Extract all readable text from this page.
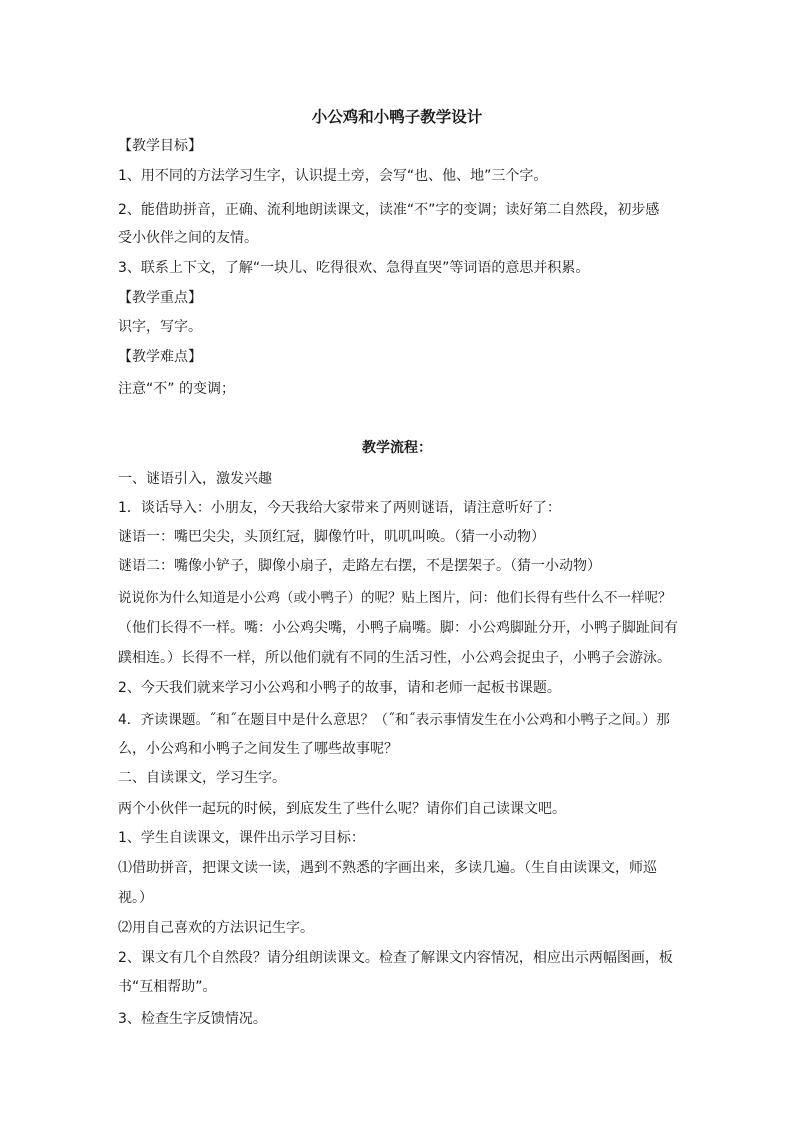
小公鸡和小鸭子教学设计
【教学目标】
1、用不同的方法学习生字，认识提土旁，会写“也、他、地”三个字。
2、能借助拼音，正确、流利地朗读课文，读准“不”字的变调；读好第二自然段，初步感
受小伙伴之间的友情。
3、联系上下文，了解“一块儿、吃得很欢、急得直哭”等词语的意思并积累。
【教学重点】
识字，写字。
【教学难点】
注意“不” 的变调；
教学流程：
一、谜语引入，激发兴趣
1．谈话导入：小朋友，今天我给大家带来了两则谜语，请注意听好了：
谜语一：嘴巴尖尖，头顶红冠，脚像竹叶，叽叽叫唤。（猜一小动物）
谜语二：嘴像小铲子，脚像小扇子，走路左右摆，不是摆架子。（猜一小动物）
说说你为什么知道是小公鸡（或小鸭子）的呢？贴上图片，问：他们长得有些什么不一样呢？
（他们长得不一样。嘴：小公鸡尖嘴，小鸭子扁嘴。脚：小公鸡脚趾分开，小鸭子脚趾间有
蹼相连。）长得不一样，所以他们就有不同的生活习性，小公鸡会捉虫子，小鸭子会游泳。
2、今天我们就来学习小公鸡和小鸭子的故事，请和老师一起板书课题。
4．齐读课题。˝和˝在题目中是什么意思？（˝和˝表示事情发生在小公鸡和小鸭子之间。）那
么，小公鸡和小鸭子之间发生了哪些故事呢？
二、自读课文，学习生字。
两个小伙伴一起玩的时候，到底发生了些什么呢？请你们自己读课文吧。
1、学生自读课文，课件出示学习目标：
⑴借助拼音，把课文读一读，遇到不熟悉的字画出来，多读几遍。（生自由读课文，师巡
视。）
⑵用自己喜欢的方法识记生字。
2、课文有几个自然段？请分组朗读课文。检查了解课文内容情况，相应出示两幅图画，板
书“互相帮助”。
3、检查生字反馈情况。
